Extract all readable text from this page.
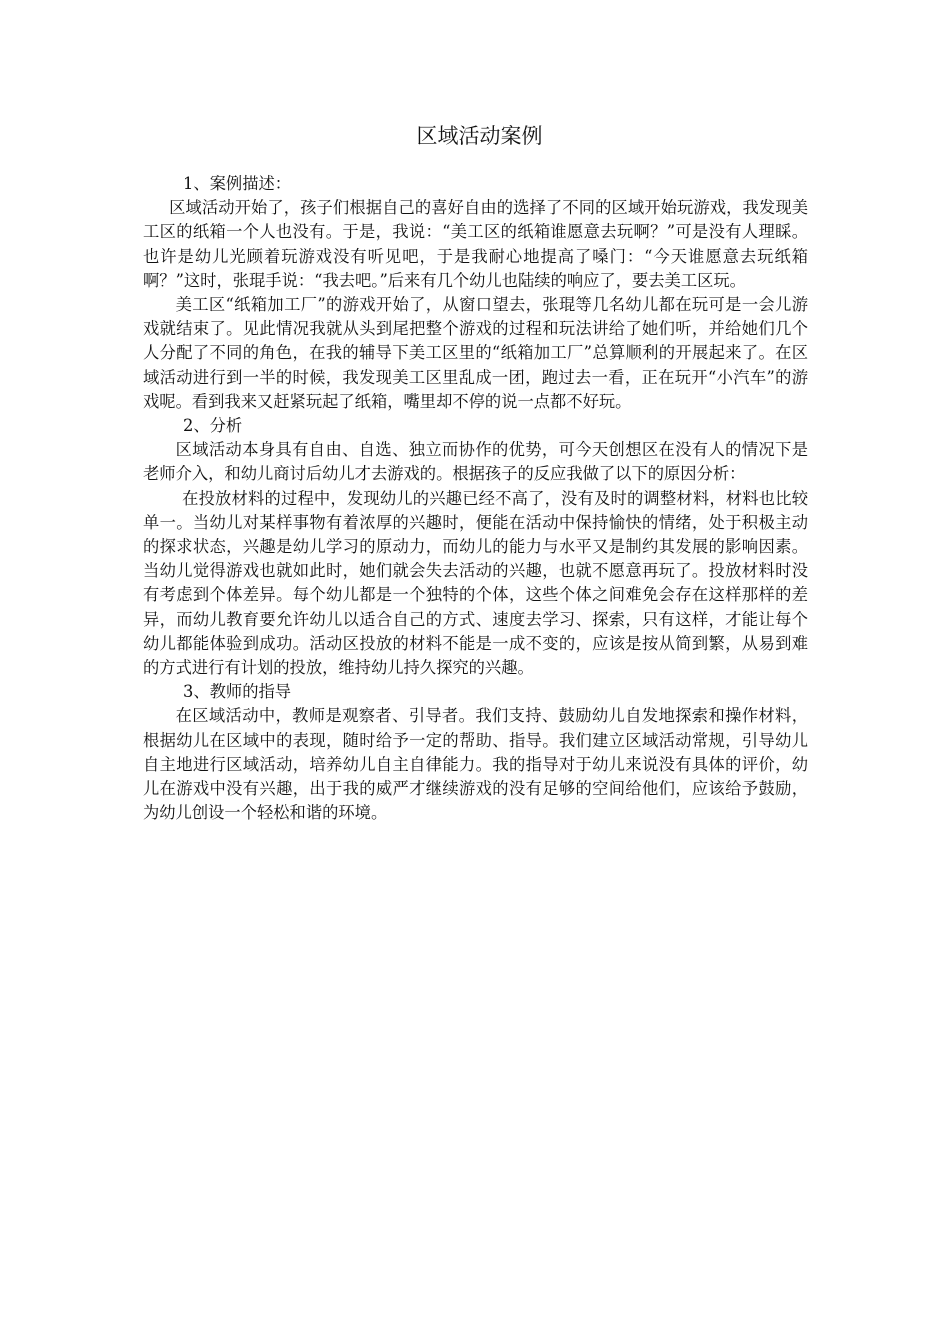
区域活动案例

1、案例描述：

区域活动开始了，孩子们根据自己的喜好自由的选择了不同的区域开始玩游戏，我发现美工区的纸箱一个人也没有。于是，我说：“美工区的纸箱谁愿意去玩啊？”可是没有人理睬。也许是幼儿光顾着玩游戏没有听见吧，于是我耐心地提高了嗓门：“今天谁愿意去玩纸箱啊？”这时，张琨手说：“我去吧。”后来有几个幼儿也陆续的响应了，要去美工区玩。

美工区“纸箱加工厂”的游戏开始了，从窗口望去，张琨等几名幼儿都在玩可是一会儿游戏就结束了。见此情况我就从头到尾把整个游戏的过程和玩法讲给了她们听，并给她们几个人分配了不同的角色，在我的辅导下美工区里的“纸箱加工厂”总算顺利的开展起来了。在区域活动进行到一半的时候，我发现美工区里乱成一团，跑过去一看，正在玩开“小汽车”的游戏呢。看到我来又赶紧玩起了纸箱，嘴里却不停的说一点都不好玩。

2、分析

区域活动本身具有自由、自选、独立而协作的优势，可今天创想区在没有人的情况下是老师介入，和幼儿商讨后幼儿才去游戏的。根据孩子的反应我做了以下的原因分析：

在投放材料的过程中，发现幼儿的兴趣已经不高了，没有及时的调整材料，材料也比较单一。当幼儿对某样事物有着浓厚的兴趣时，便能在活动中保持愉快的情绪，处于积极主动的探求状态，兴趣是幼儿学习的原动力，而幼儿的能力与水平又是制约其发展的影响因素。当幼儿觉得游戏也就如此时，她们就会失去活动的兴趣，也就不愿意再玩了。投放材料时没有考虑到个体差异。每个幼儿都是一个独特的个体，这些个体之间难免会存在这样那样的差异，而幼儿教育要允许幼儿以适合自己的方式、速度去学习、探索，只有这样，才能让每个幼儿都能体验到成功。活动区投放的材料不能是一成不变的，应该是按从简到繁，从易到难的方式进行有计划的投放，维持幼儿持久探究的兴趣。

3、教师的指导

在区域活动中，教师是观察者、引导者。我们支持、鼓励幼儿自发地探索和操作材料，根据幼儿在区域中的表现，随时给予一定的帮助、指导。我们建立区域活动常规，引导幼儿自主地进行区域活动，培养幼儿自主自律能力。我的指导对于幼儿来说没有具体的评价，幼儿在游戏中没有兴趣，出于我的威严才继续游戏的没有足够的空间给他们，应该给予鼓励，为幼儿创设一个轻松和谐的环境。
